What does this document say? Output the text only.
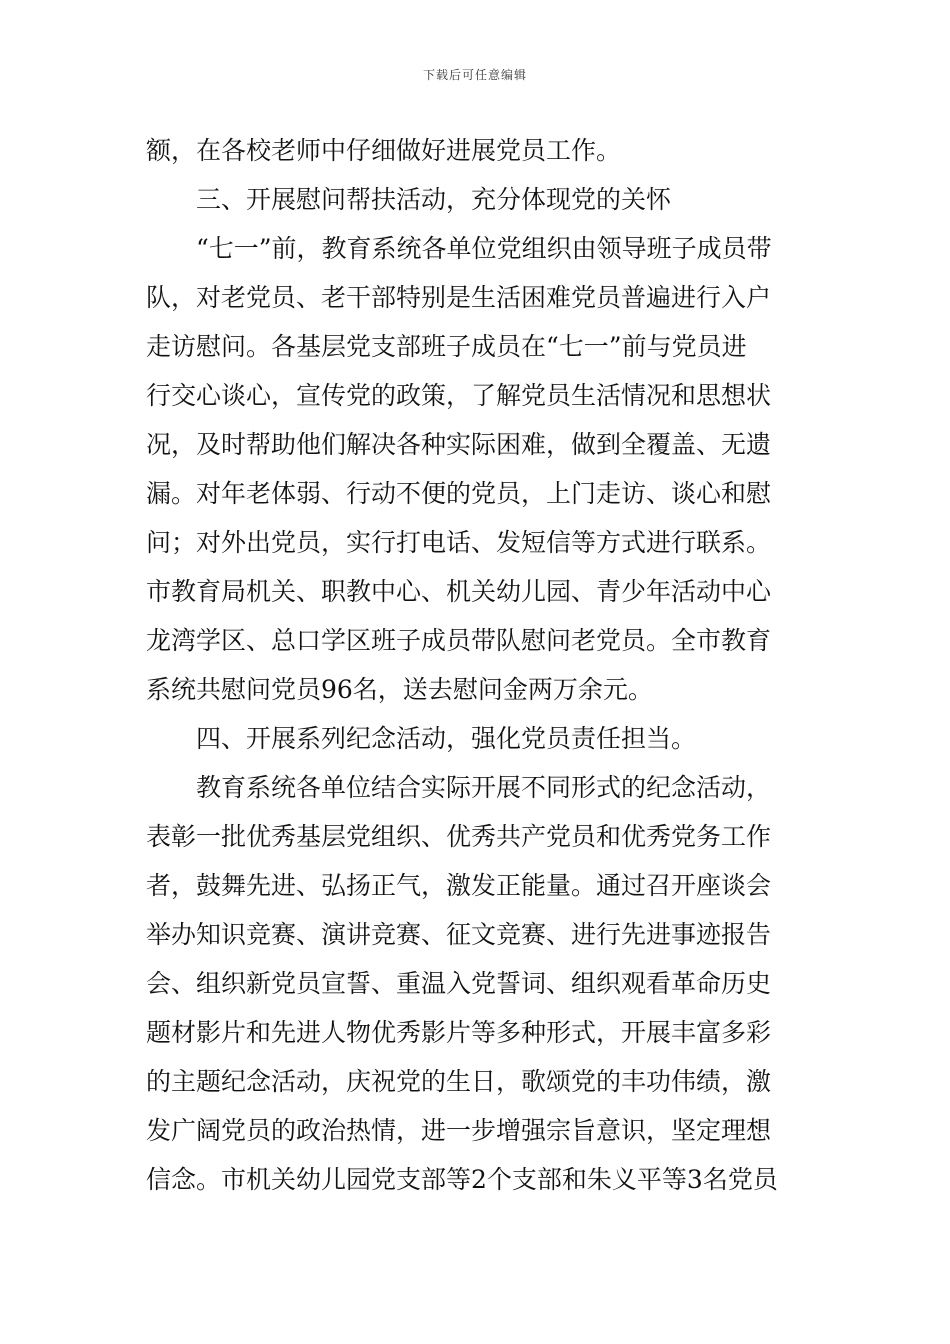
下载后可任意编辑
额，在各校老师中仔细做好进展党员工作。
三、开展慰问帮扶活动，充分体现党的关怀
“七一”前，教育系统各单位党组织由领导班子成员带
队，对老党员、老干部特别是生活困难党员普遍进行入户
走访慰问。各基层党支部班子成员在“七一”前与党员进
行交心谈心，宣传党的政策，了解党员生活情况和思想状
况，及时帮助他们解决各种实际困难，做到全覆盖、无遗
漏。对年老体弱、行动不便的党员，上门走访、谈心和慰
问；对外出党员，实行打电话、发短信等方式进行联系。
市教育局机关、职教中心、机关幼儿园、青少年活动中心
龙湾学区、总口学区班子成员带队慰问老党员。全市教育
系统共慰问党员96名，送去慰问金两万余元。
四、开展系列纪念活动，强化党员责任担当。
教育系统各单位结合实际开展不同形式的纪念活动，
表彰一批优秀基层党组织、优秀共产党员和优秀党务工作
者，鼓舞先进、弘扬正气，激发正能量。通过召开座谈会
举办知识竞赛、演讲竞赛、征文竞赛、进行先进事迹报告
会、组织新党员宣誓、重温入党誓词、组织观看革命历史
题材影片和先进人物优秀影片等多种形式，开展丰富多彩
的主题纪念活动，庆祝党的生日，歌颂党的丰功伟绩，激
发广阔党员的政治热情，进一步增强宗旨意识，坚定理想
信念。市机关幼儿园党支部等2个支部和朱义平等3名党员
